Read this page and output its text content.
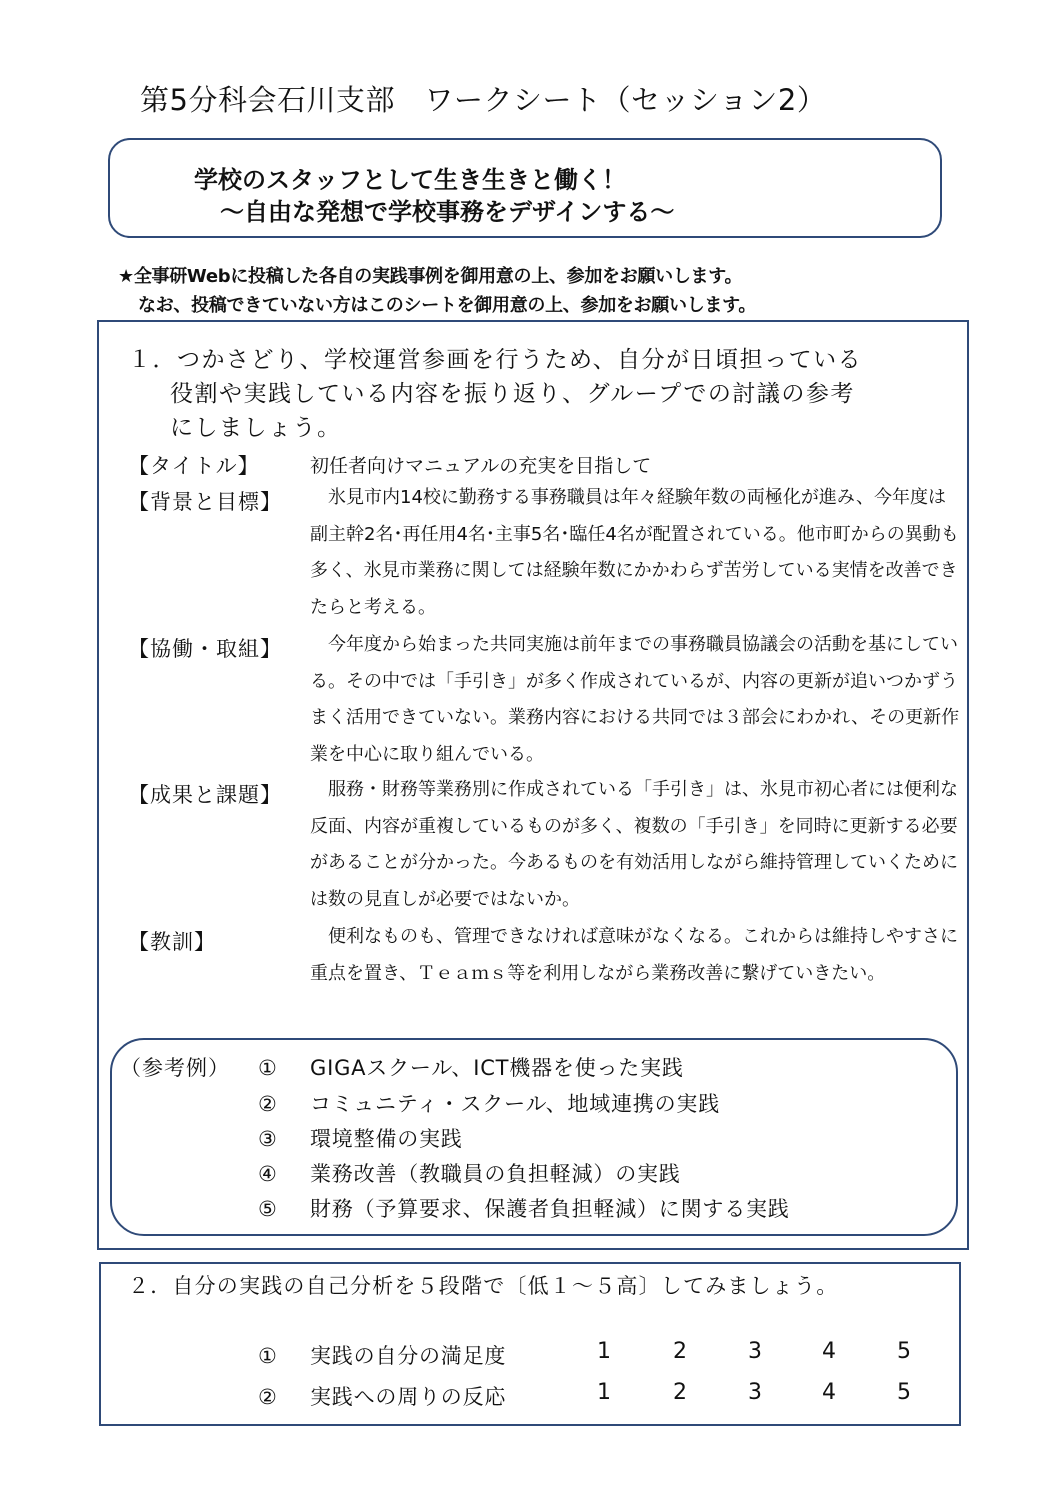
第5分科会石川支部　ワークシート（セッション2）
学校のスタッフとして生き生きと働く！
〜自由な発想で学校事務をデザインする〜
★全事研Webに投稿した各自の実践事例を御用意の上、参加をお願いします。
なお、投稿できていない方はこのシートを御用意の上、参加をお願いします。
１．つかさどり、学校運営参画を行うため、自分が日頃担っている
役割や実践している内容を振り返り、グループでの討議の参考
にしましょう。
【タイトル】	初任者向けマニュアルの充実を目指して
【背景と目標】 　氷見市内14校に勤務する事務職員は年々経験年数の両極化が進み、今年度は副主幹2名･再任用4名･主事5名･臨任4名が配置されている。他市町からの異動も多く、氷見市業務に関しては経験年数にかかわらず苦労している実情を改善できたらと考える。
【協働・取組】 　今年度から始まった共同実施は前年までの事務職員協議会の活動を基にしている。その中では「手引き」が多く作成されているが、内容の更新が追いつかずうまく活用できていない。業務内容における共同では３部会にわかれ、その更新作業を中心に取り組んでいる。
【成果と課題】 　服務・財務等業務別に作成されている「手引き」は、氷見市初心者には便利な反面、内容が重複しているものが多く、複数の「手引き」を同時に更新する必要があることが分かった。今あるものを有効活用しながら維持管理していくためには数の見直しが必要ではないか。
【教訓】	　便利なものも、管理できなければ意味がなくなる。これからは維持しやすさに重点を置き、Ｔｅａｍｓ等を利用しながら業務改善に繋げていきたい。
（参考例） ① GIGAスクール、ICT機器を使った実践
② コミュニティ・スクール、地域連携の実践
③ 環境整備の実践
④ 業務改善（教職員の負担軽減）の実践
⑤ 財務（予算要求、保護者負担軽減）に関する実践
２．自分の実践の自己分析を５段階で〔低１〜５高〕してみましょう。
① 実践の自分の満足度	1	2	3	4	5
② 実践への周りの反応	1	2	3	4	5
